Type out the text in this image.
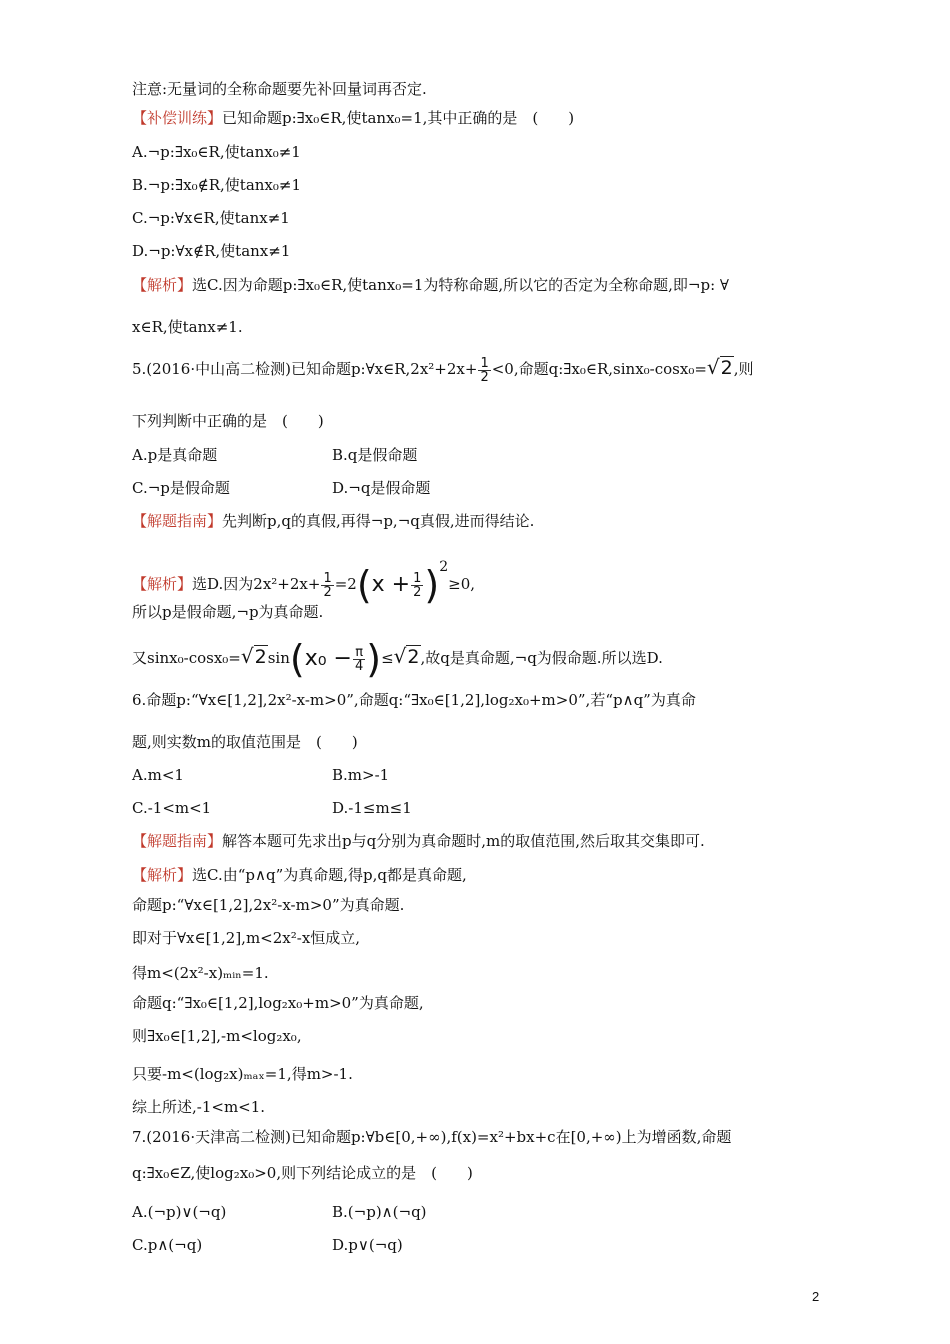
注意:无量词的全称命题要先补回量词再否定.
【补偿训练】已知命题p:∃x₀∈R,使tanx₀=1,其中正确的是　(　　)
A.¬p:∃x₀∈R,使tanx₀≠1
B.¬p:∃x₀∉R,使tanx₀≠1
C.¬p:∀x∈R,使tanx≠1
D.¬p:∀x∉R,使tanx≠1
【解析】选C.因为命题p:∃x₀∈R,使tanx₀=1为特称命题,所以它的否定为全称命题,即¬p: ∀
x∈R,使tanx≠1.
5.(2016·中山高二检测)已知命题p:∀x∈R,2x²+2x+ $\frac{1}{2} <0$,命题q:∃x₀∈R,sinx₀-cosx₀=√2,则
下列判断中正确的是　(　　)
A.p是真命题	B.q是假命题
C.¬p是假命题	D.¬q是假命题
【解题指南】先判断p,q的真假,再得¬p,¬q真假,进而得结论.
【解析】选D.因为$2x^2+2x+ \frac{1}{2} =2(x + \frac{1}{2} )^2\ge 0$,
所以p是假命题,¬p为真命题.
又$\sin x_0-\cos x_0=√2\sin(x_0 - \frac{\pi}{4} )\le√2$,故q是真命题,¬q为假命题.所以选D.
6.命题p:“∀x∈[1,2],2x²-x-m>0”,命题q:“∃x₀∈[1,2],log₂x₀+m>0”,若“p∧q”为真命
题,则实数m的取值范围是　(　　)
A.m<1	B.m>-1
C.-1<m<1	D.-1≤m≤1
【解题指南】解答本题可先求出p与q分别为真命题时,m的取值范围,然后取其交集即可.
【解析】选C.由“p∧q”为真命题,得p,q都是真命题,
命题p:“∀x∈[1,2],2x²-x-m>0”为真命题.
即对于∀x∈[1,2],m<2x²-x恒成立,
得m<(2x²-x)ₘᵢₙ=1.
命题q:“∃x₀∈[1,2],log₂x₀+m>0”为真命题,
则∃x₀∈[1,2],-m<log₂x₀,
只要-m<(log₂x)ₘₐₓ=1,得m>-1.
综上所述,-1<m<1.
7.(2016·天津高二检测)已知命题p:∀b∈[0,+∞),f(x)=x²+bx+c在[0,+∞)上为增函数,命题
q:∃x₀∈Z,使log₂x₀>0,则下列结论成立的是　(　　)
A.(¬p)∨(¬q)	B.(¬p)∧(¬q)
C.p∧(¬q)	D.p∨(¬q)
2
